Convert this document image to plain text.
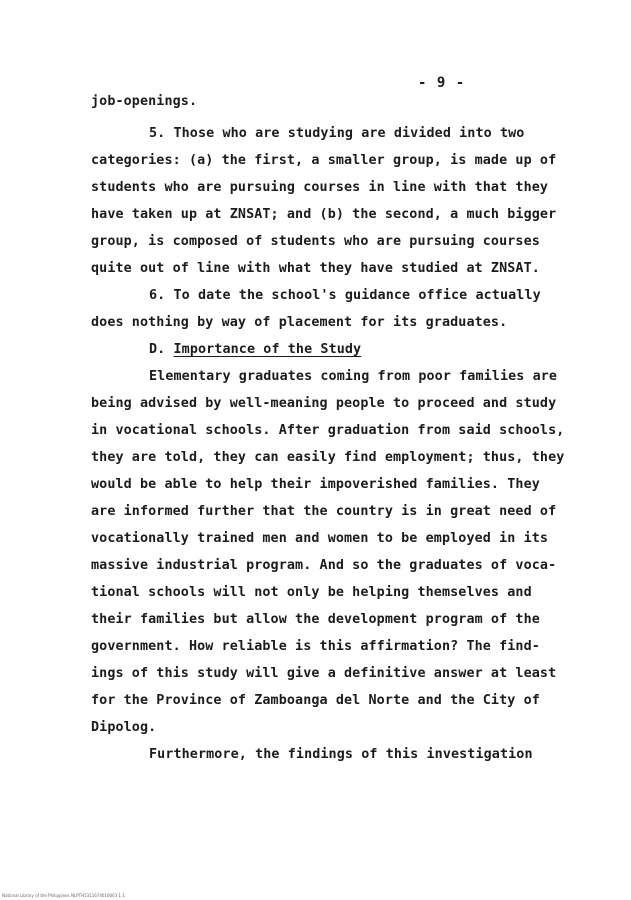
- 9 -
job-openings.
5. Those who are studying are divided into two
categories: (a) the first, a smaller group, is made up of
students who are pursuing courses in line with that they
have taken up at ZNSAT; and (b) the second, a much bigger
group, is composed of students who are pursuing courses
quite out of line with what they have studied at ZNSAT.
6. To date the school's guidance office actually
does nothing by way of placement for its graduates.
D. Importance of the Study
Elementary graduates coming from poor families are
being advised by well-meaning people to proceed and study
in vocational schools. After graduation from said schools,
they are told, they can easily find employment; thus, they
would be able to help their impoverished families. They
are informed further that the country is in great need of
vocationally trained men and women to be employed in its
massive industrial program. And so the graduates of voca-
tional schools will not only be helping themselves and
their families but allow the development program of the
government. How reliable is this affirmation? The find-
ings of this study will give a definitive answer at least
for the Province of Zamboanga del Norte and the City of
Dipolog.
Furthermore, the findings of this investigation
National Library of the Philippines NLPTH5311674010003 1:1
